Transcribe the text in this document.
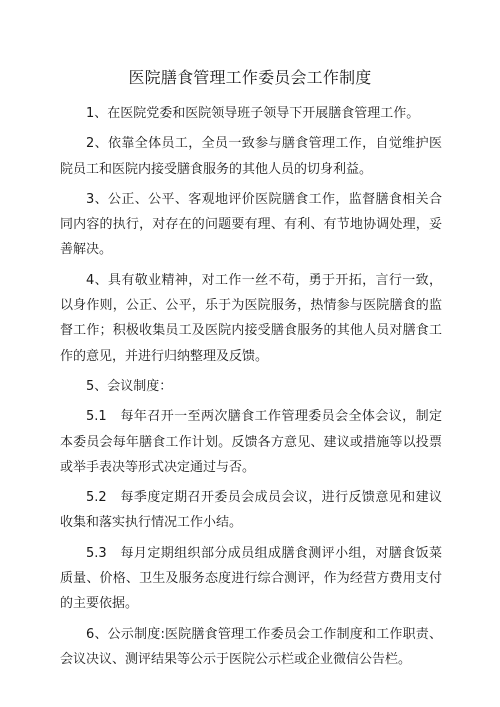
医院膳食管理工作委员会工作制度

1、在医院党委和医院领导班子领导下开展膳食管理工作。

2、依靠全体员工，全员一致参与膳食管理工作，自觉维护医院员工和医院内接受膳食服务的其他人员的切身利益。

3、公正、公平、客观地评价医院膳食工作，监督膳食相关合同内容的执行，对存在的问题要有理、有利、有节地协调处理，妥善解决。

4、具有敬业精神，对工作一丝不苟，勇于开拓，言行一致，以身作则，公正、公平，乐于为医院服务，热情参与医院膳食的监督工作；积极收集员工及医院内接受膳食服务的其他人员对膳食工作的意见，并进行归纳整理及反馈。

5、会议制度：

5.1　每年召开一至两次膳食工作管理委员会全体会议，制定本委员会每年膳食工作计划。反馈各方意见、建议或措施等以投票或举手表决等形式决定通过与否。

5.2　每季度定期召开委员会成员会议，进行反馈意见和建议收集和落实执行情况工作小结。

5.3　每月定期组织部分成员组成膳食测评小组，对膳食饭菜质量、价格、卫生及服务态度进行综合测评，作为经营方费用支付的主要依据。

6、公示制度:医院膳食管理工作委员会工作制度和工作职责、会议决议、测评结果等公示于医院公示栏或企业微信公告栏。
